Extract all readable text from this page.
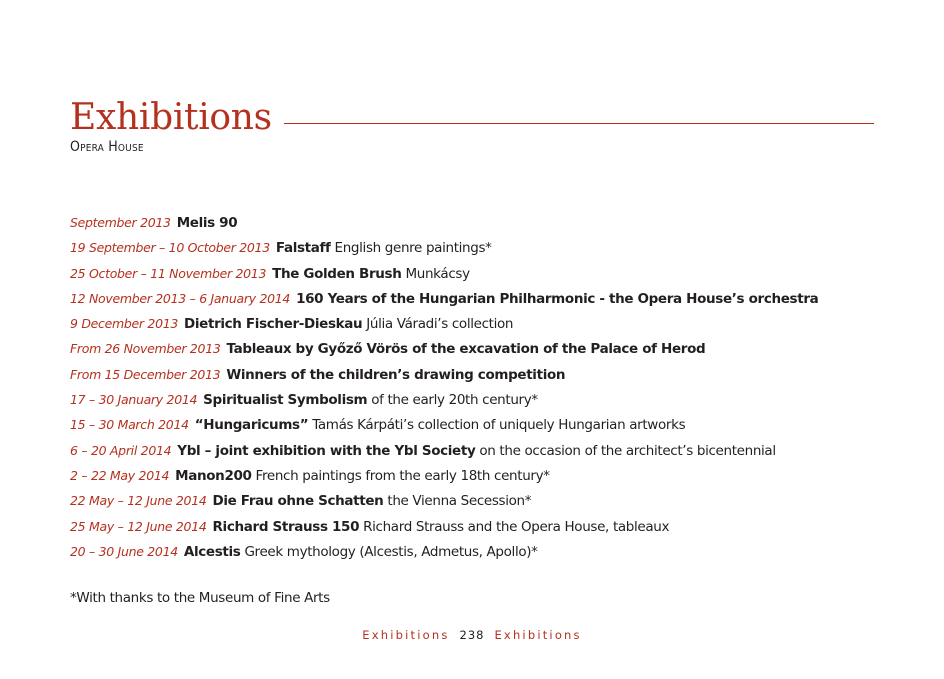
Exhibitions
Opera House
September 2013 Melis 90
19 September – 10 October 2013 Falstaff English genre paintings*
25 October – 11 November 2013 The Golden Brush Munkácsy
12 November 2013 – 6 January 2014 160 Years of the Hungarian Philharmonic - the Opera House’s orchestra
9 December 2013 Dietrich Fischer-Dieskau Júlia Váradi’s collection
From 26 November 2013 Tableaux by Győző Vörös of the excavation of the Palace of Herod
From 15 December 2013 Winners of the children’s drawing competition
17 – 30 January 2014 Spiritualist Symbolism of the early 20th century*
15 – 30 March 2014 “Hungaricums” Tamás Kárpáti’s collection of uniquely Hungarian artworks
6 – 20 April 2014 Ybl – joint exhibition with the Ybl Society on the occasion of the architect’s bicentennial
2 – 22 May 2014 Manon200 French paintings from the early 18th century*
22 May – 12 June 2014 Die Frau ohne Schatten the Vienna Secession*
25 May – 12 June 2014 Richard Strauss 150 Richard Strauss and the Opera House, tableaux
20 – 30 June 2014 Alcestis Greek mythology (Alcestis, Admetus, Apollo)*
*With thanks to the Museum of Fine Arts
Exhibitions 238 Exhibitions
